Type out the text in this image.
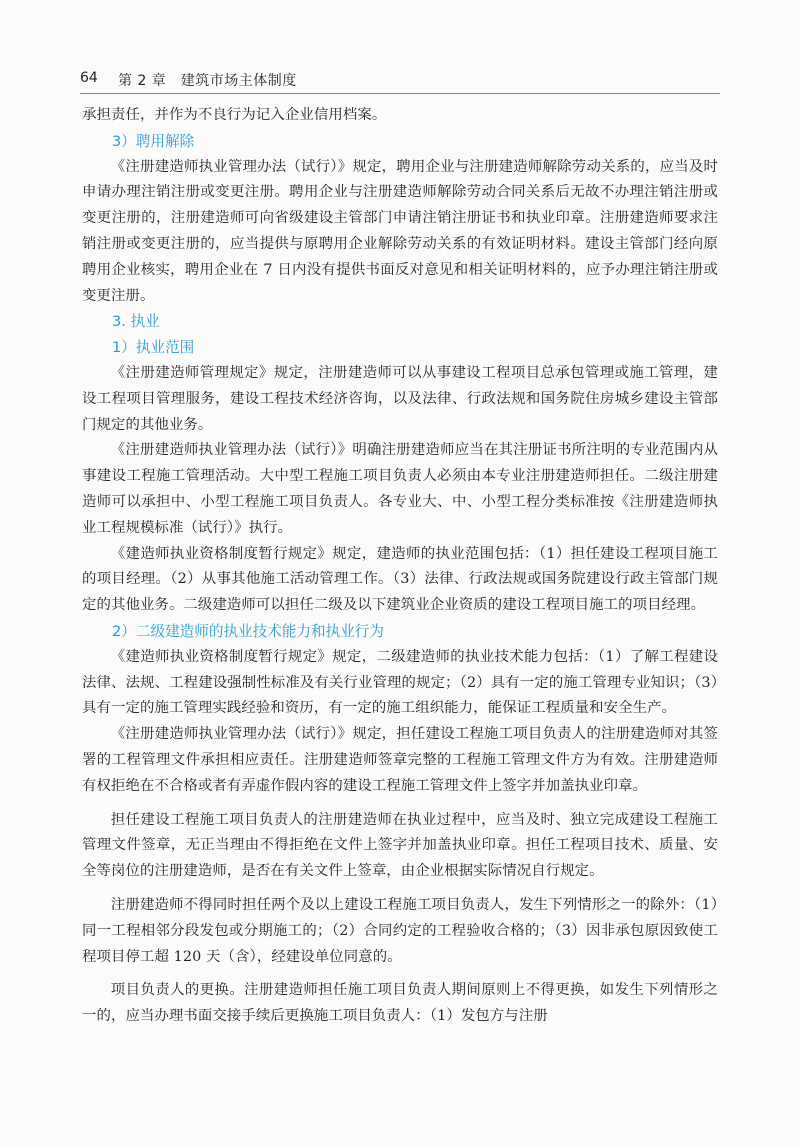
64 第 2 章　建筑市场主体制度

承担责任，并作为不良行为记入企业信用档案。

3）聘用解除

《注册建造师执业管理办法（试行）》规定，聘用企业与注册建造师解除劳动关系的，应当及时申请办理注销注册或变更注册。聘用企业与注册建造师解除劳动合同关系后无故不办理注销注册或变更注册的，注册建造师可向省级建设主管部门申请注销注册证书和执业印章。注册建造师要求注销注册或变更注册的，应当提供与原聘用企业解除劳动关系的有效证明材料。建设主管部门经向原聘用企业核实，聘用企业在 7 日内没有提供书面反对意见和相关证明材料的，应予办理注销注册或变更注册。

3. 执业
1）执业范围

《注册建造师管理规定》规定，注册建造师可以从事建设工程项目总承包管理或施工管理，建设工程项目管理服务，建设工程技术经济咨询，以及法律、行政法规和国务院住房城乡建设主管部门规定的其他业务。

《注册建造师执业管理办法（试行）》明确注册建造师应当在其注册证书所注明的专业范围内从事建设工程施工管理活动。大中型工程施工项目负责人必须由本专业注册建造师担任。二级注册建造师可以承担中、小型工程施工项目负责人。各专业大、中、小型工程分类标准按《注册建造师执业工程规模标准（试行）》执行。

《建造师执业资格制度暂行规定》规定，建造师的执业范围包括：（1）担任建设工程项目施工的项目经理。（2）从事其他施工活动管理工作。（3）法律、行政法规或国务院建设行政主管部门规定的其他业务。二级建造师可以担任二级及以下建筑业企业资质的建设工程项目施工的项目经理。

2）二级建造师的执业技术能力和执业行为

《建造师执业资格制度暂行规定》规定，二级建造师的执业技术能力包括：（1）了解工程建设法律、法规、工程建设强制性标准及有关行业管理的规定；（2）具有一定的施工管理专业知识；（3）具有一定的施工管理实践经验和资历，有一定的施工组织能力，能保证工程质量和安全生产。

《注册建造师执业管理办法（试行）》规定，担任建设工程施工项目负责人的注册建造师对其签署的工程管理文件承担相应责任。注册建造师签章完整的工程施工管理文件方为有效。注册建造师有权拒绝在不合格或者有弄虚作假内容的建设工程施工管理文件上签字并加盖执业印章。

担任建设工程施工项目负责人的注册建造师在执业过程中，应当及时、独立完成建设工程施工管理文件签章，无正当理由不得拒绝在文件上签字并加盖执业印章。担任工程项目技术、质量、安全等岗位的注册建造师，是否在有关文件上签章，由企业根据实际情况自行规定。

注册建造师不得同时担任两个及以上建设工程施工项目负责人，发生下列情形之一的除外：（1）同一工程相邻分段发包或分期施工的；（2）合同约定的工程验收合格的；（3）因非承包原因致使工程项目停工超 120 天（含），经建设单位同意的。

项目负责人的更换。注册建造师担任施工项目负责人期间原则上不得更换，如发生下列情形之一的，应当办理书面交接手续后更换施工项目负责人：（1）发包方与注册
